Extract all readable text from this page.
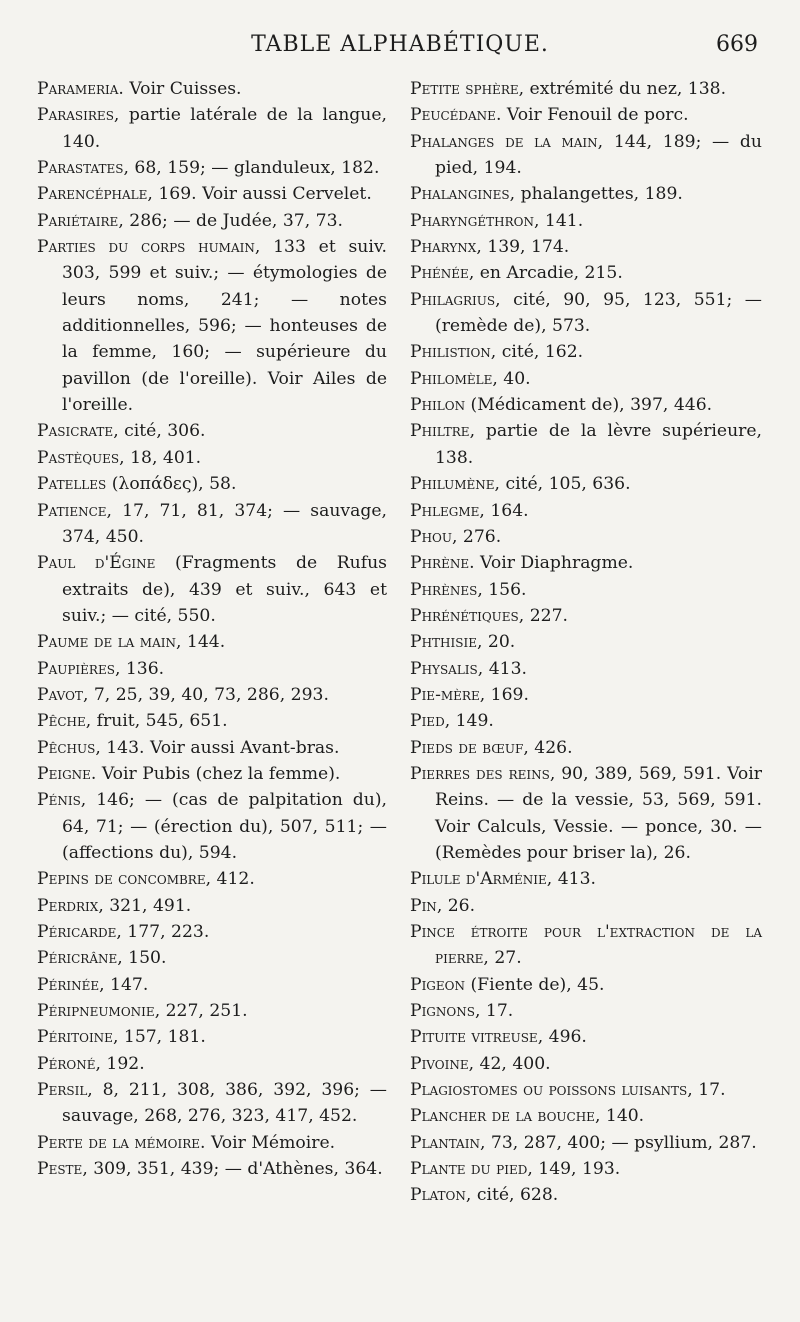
TABLE ALPHABÉTIQUE.	669

Parameria. Voir Cuisses.

Parasires, partie latérale de la langue, 140.

Parastates, 68, 159; — glanduleux, 182.

Parencéphale, 169. Voir aussi Cervelet.

Pariétaire, 286; — de Judée, 37, 73.

Parties du corps humain, 133 et suiv. 303, 599 et suiv.; — étymologies de leurs noms, 241; — notes additionnelles, 596; — honteuses de la femme, 160; — supérieure du pavillon (de l'oreille). Voir Ailes de l'oreille.

Pasicrate, cité, 306.

Pastèques, 18, 401.

Patelles (λοπάδες), 58.

Patience, 17, 71, 81, 374; — sauvage, 374, 450.

Paul d'Égine (Fragments de Rufus extraits de), 439 et suiv., 643 et suiv.; — cité, 550.

Paume de la main, 144.

Paupières, 136.

Pavot, 7, 25, 39, 40, 73, 286, 293.

Pêche, fruit, 545, 651.

Pêchus, 143. Voir aussi Avant-bras.

Peigne. Voir Pubis (chez la femme).

Pénis, 146; — (cas de palpitation du), 64, 71; — (érection du), 507, 511; — (affections du), 594.

Pepins de concombre, 412.

Perdrix, 321, 491.

Péricarde, 177, 223.

Péricrâne, 150.

Périnée, 147.

Péripneumonie, 227, 251.

Péritoine, 157, 181.

Péroné, 192.

Persil, 8, 211, 308, 386, 392, 396; — sauvage, 268, 276, 323, 417, 452.

Perte de la mémoire. Voir Mémoire.

Peste, 309, 351, 439; — d'Athènes, 364.

Petite sphère, extrémité du nez, 138.

Peucédane. Voir Fenouil de porc.

Phalanges de la main, 144, 189; — du pied, 194.

Phalangines, phalangettes, 189.

Pharyngéthron, 141.

Pharynx, 139, 174.

Phénée, en Arcadie, 215.

Philagrius, cité, 90, 95, 123, 551; — (remède de), 573.

Philistion, cité, 162.

Philomèle, 40.

Philon (Médicament de), 397, 446.

Philtre, partie de la lèvre supérieure, 138.

Philumène, cité, 105, 636.

Phlegme, 164.

Phou, 276.

Phrène. Voir Diaphragme.

Phrènes, 156.

Phrénétiques, 227.

Phthisie, 20.

Physalis, 413.

Pie-mère, 169.

Pied, 149.

Pieds de bœuf, 426.

Pierres des reins, 90, 389, 569, 591. Voir Reins. — de la vessie, 53, 569, 591. Voir Calculs, Vessie. — ponce, 30. — (Remèdes pour briser la), 26.

Pilule d'Arménie, 413.

Pin, 26.

Pince étroite pour l'extraction de la pierre, 27.

Pigeon (Fiente de), 45.

Pignons, 17.

Pituite vitreuse, 496.

Pivoine, 42, 400.

Plagiostomes ou poissons luisants, 17.

Plancher de la bouche, 140.

Plantain, 73, 287, 400; — psyllium, 287.

Plante du pied, 149, 193.

Platon, cité, 628.
